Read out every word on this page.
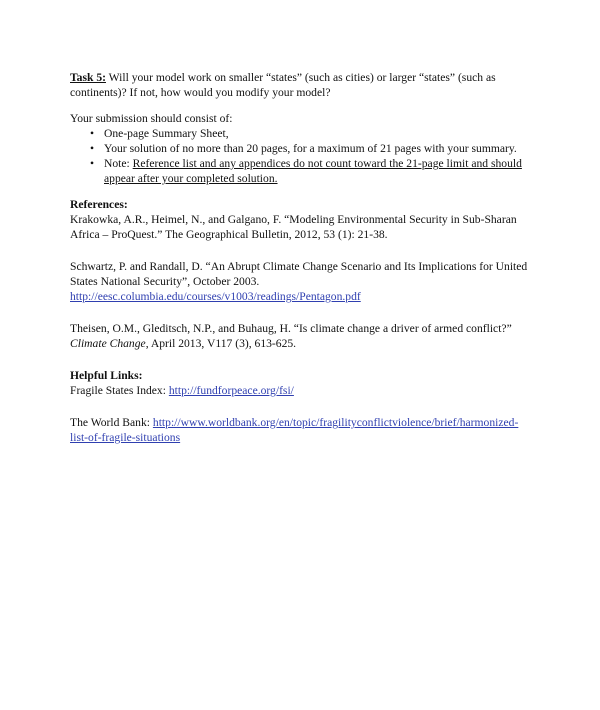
Task 5: Will your model work on smaller “states” (such as cities) or larger “states” (such as continents)? If not, how would you modify your model?

Your submission should consist of:

• One-page Summary Sheet,
• Your solution of no more than 20 pages, for a maximum of 21 pages with your summary.
• Note: Reference list and any appendices do not count toward the 21-page limit and should appear after your completed solution.

References:

Krakowka, A.R., Heimel, N., and Galgano, F. “Modeling Environmental Security in Sub-Sharan Africa – ProQuest.” The Geographical Bulletin, 2012, 53 (1): 21-38.

Schwartz, P. and Randall, D. “An Abrupt Climate Change Scenario and Its Implications for United States National Security”, October 2003.
http://eesc.columbia.edu/courses/v1003/readings/Pentagon.pdf

Theisen, O.M., Gleditsch, N.P., and Buhaug, H. “Is climate change a driver of armed conflict?” Climate Change, April 2013, V117 (3), 613-625.

Helpful Links:

Fragile States Index: http://fundforpeace.org/fsi/

The World Bank: http://www.worldbank.org/en/topic/fragilityconflictviolence/brief/harmonized-list-of-fragile-situations
